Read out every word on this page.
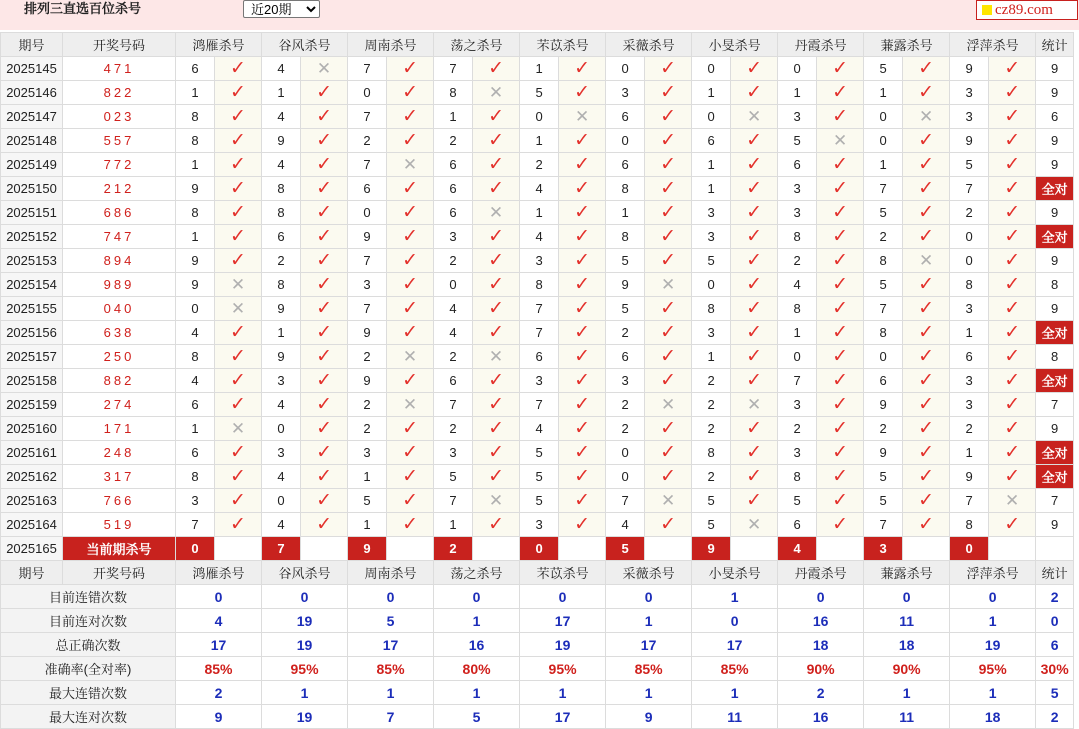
排列三直选百位杀号
近20期	cz89.com
期号	开奖号码	鸿雁杀号		谷风杀号		周南杀号		荡之杀号		芣苡杀号		采薇杀号		小旻杀号		丹霞杀号		蒹露杀号		浮萍杀号		统计
2025145	471	6	✓	4	✕	7	✓	7	✓	1	✓	0	✓	0	✓	0	✓	5	✓	9	✓	9
2025146	822	1	✓	1	✓	0	✓	8	✕	5	✓	3	✓	1	✓	1	✓	1	✓	3	✓	9
2025147	023	8	✓	4	✓	7	✓	1	✓	0	✕	6	✓	0	✕	3	✓	0	✕	3	✓	6
2025148	557	8	✓	9	✓	2	✓	2	✓	1	✓	0	✓	6	✓	5	✕	0	✓	9	✓	9
2025149	772	1	✓	4	✓	7	✕	6	✓	2	✓	6	✓	1	✓	6	✓	1	✓	5	✓	9
2025150	212	9	✓	8	✓	6	✓	6	✓	4	✓	8	✓	1	✓	3	✓	7	✓	7	✓	全对
2025151	686	8	✓	8	✓	0	✓	6	✕	1	✓	1	✓	3	✓	3	✓	5	✓	2	✓	9
2025152	747	1	✓	6	✓	9	✓	3	✓	4	✓	8	✓	3	✓	8	✓	2	✓	0	✓	全对
2025153	894	9	✓	2	✓	7	✓	2	✓	3	✓	5	✓	5	✓	2	✓	8	✕	0	✓	9
2025154	989	9	✕	8	✓	3	✓	0	✓	8	✓	9	✕	0	✓	4	✓	5	✓	8	✓	8
2025155	040	0	✕	9	✓	7	✓	4	✓	7	✓	5	✓	8	✓	8	✓	7	✓	3	✓	9
2025156	638	4	✓	1	✓	9	✓	4	✓	7	✓	2	✓	3	✓	1	✓	8	✓	1	✓	全对
2025157	250	8	✓	9	✓	2	✕	2	✕	6	✓	6	✓	1	✓	0	✓	0	✓	6	✓	8
2025158	882	4	✓	3	✓	9	✓	6	✓	3	✓	3	✓	2	✓	7	✓	6	✓	3	✓	全对
2025159	274	6	✓	4	✓	2	✕	7	✓	7	✓	2	✕	2	✕	3	✓	9	✓	3	✓	7
2025160	171	1	✕	0	✓	2	✓	2	✓	4	✓	2	✓	2	✓	2	✓	2	✓	2	✓	9
2025161	248	6	✓	3	✓	3	✓	3	✓	5	✓	0	✓	8	✓	3	✓	9	✓	1	✓	全对
2025162	317	8	✓	4	✓	1	✓	5	✓	5	✓	0	✓	2	✓	8	✓	5	✓	9	✓	全对
2025163	766	3	✓	0	✓	5	✓	7	✕	5	✓	7	✕	5	✓	5	✓	5	✓	7	✕	7
2025164	519	7	✓	4	✓	1	✓	1	✓	3	✓	4	✓	5	✕	6	✓	7	✓	8	✓	9
2025165	当前期杀号	0		7		9		2		0		5		9		4		3		0		
期号	开奖号码	鸿雁杀号		谷风杀号		周南杀号		荡之杀号		芣苡杀号		采薇杀号		小旻杀号		丹霞杀号		蒹露杀号		浮萍杀号		统计
目前连错次数		0		0		0		0		0		0		1		0		0		0		2
目前连对次数		4		19		5		1		17		1		0		16		11		1		0
总正确次数		17		19		17		16		19		17		17		18		18		19		6
准确率(全对率)		85%		95%		85%		80%		95%		85%		85%		90%		90%		95%		30%
最大连错次数		2		1		1		1		1		1		1		2		1		1		5
最大连对次数		9		19		7		5		17		9		11		16		11		18		2
